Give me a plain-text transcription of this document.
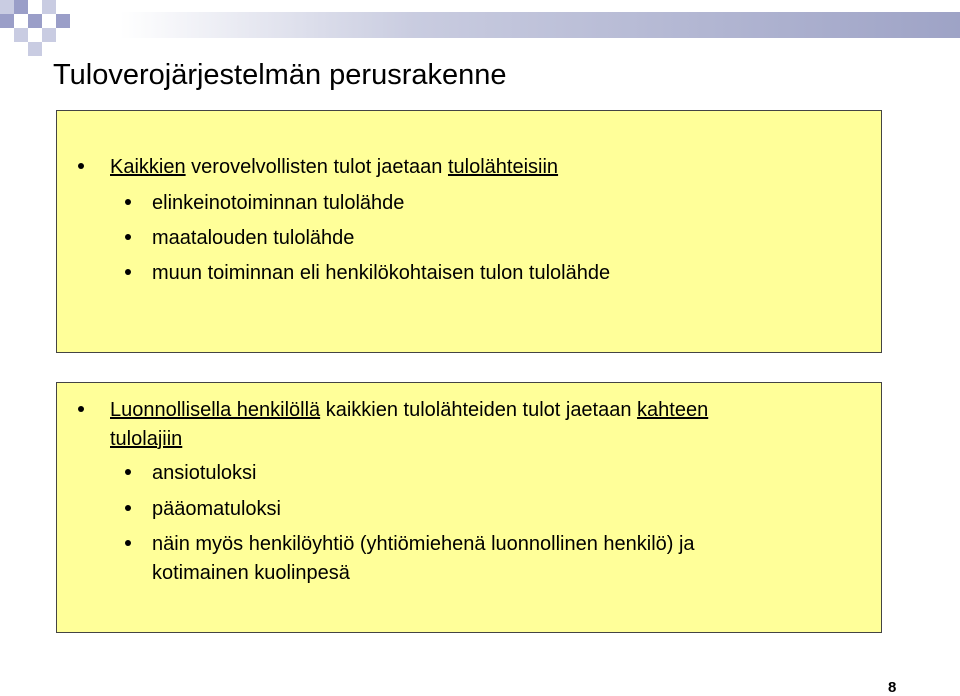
Tuloverojärjestelmän perusrakenne
Kaikkien verovelvollisten tulot jaetaan tulolähteisiin
elinkeinotoiminnan tulolähde
maatalouden tulolähde
muun toiminnan eli henkilökohtaisen tulon tulolähde
Luonnollisella henkilöllä kaikkien tulolähteiden tulot jaetaan kahteen
tulolajiin
ansiotuloksi
pääomatuloksi
näin myös henkilöyhtiö (yhtiömiehenä luonnollinen henkilö) ja
kotimainen kuolinpesä
8
